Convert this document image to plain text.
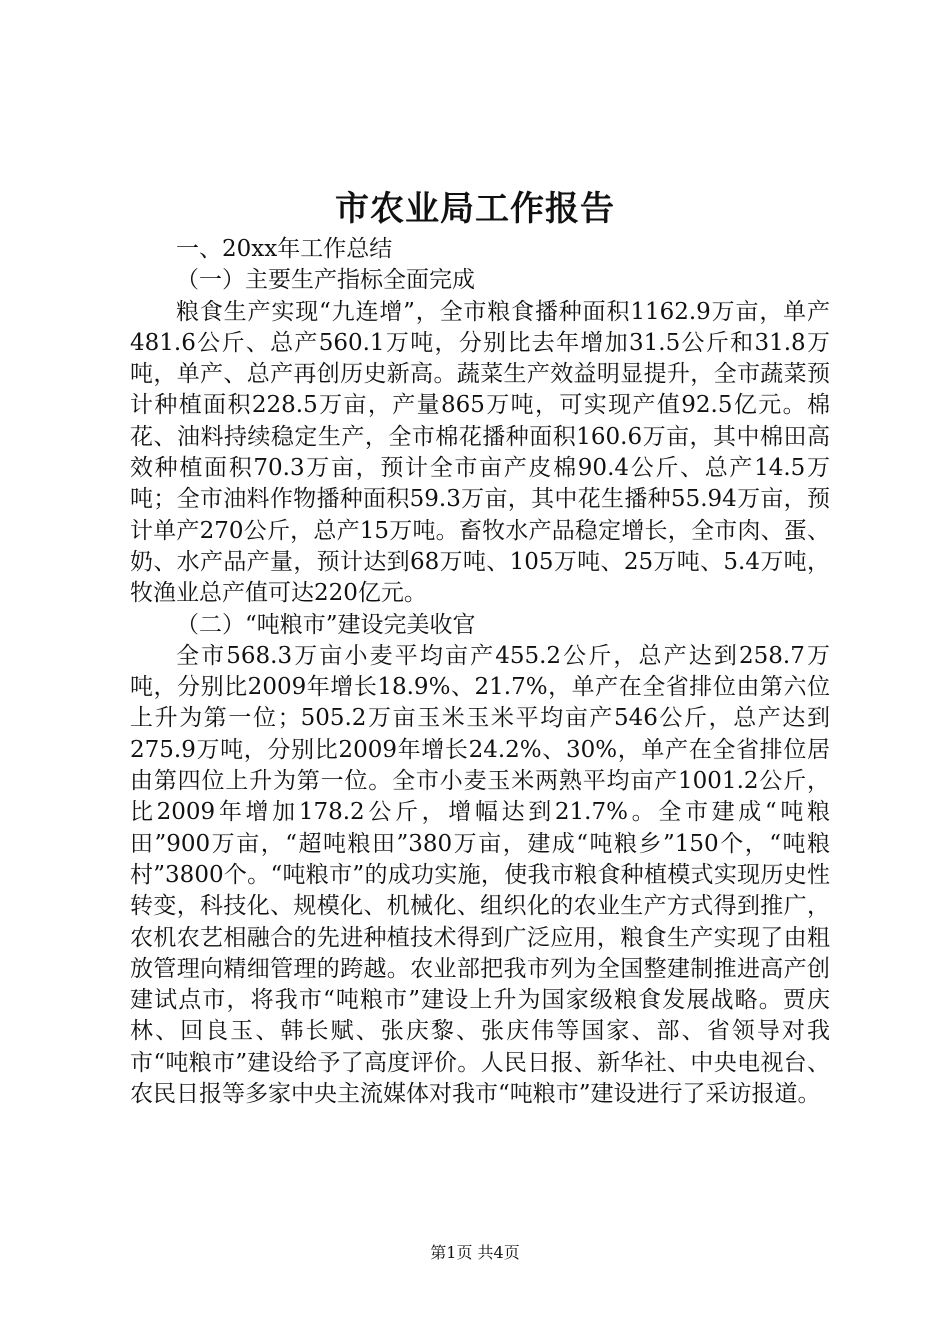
市农业局工作报告

一、20xx年工作总结

（一）主要生产指标全面完成

粮食生产实现“九连增”，全市粮食播种面积1162.9万亩，单产481.6公斤、总产560.1万吨，分别比去年增加31.5公斤和31.8万吨，单产、总产再创历史新高。蔬菜生产效益明显提升，全市蔬菜预计种植面积228.5万亩，产量865万吨，可实现产值92.5亿元。棉花、油料持续稳定生产，全市棉花播种面积160.6万亩，其中棉田高效种植面积70.3万亩，预计全市亩产皮棉90.4公斤、总产14.5万吨；全市油料作物播种面积59.3万亩，其中花生播种55.94万亩，预计单产270公斤，总产15万吨。畜牧水产品稳定增长，全市肉、蛋、奶、水产品产量，预计达到68万吨、105万吨、25万吨、5.4万吨，牧渔业总产值可达220亿元。

（二）“吨粮市”建设完美收官

全市568.3万亩小麦平均亩产455.2公斤，总产达到258.7万吨，分别比2009年增长18.9%、21.7%，单产在全省排位由第六位上升为第一位；505.2万亩玉米玉米平均亩产546公斤，总产达到275.9万吨，分别比2009年增长24.2%、30%，单产在全省排位居由第四位上升为第一位。全市小麦玉米两熟平均亩产1001.2公斤，比2009年增加178.2公斤，增幅达到21.7%。全市建成“吨粮田”900万亩，“超吨粮田”380万亩，建成“吨粮乡”150个，“吨粮村”3800个。“吨粮市”的成功实施，使我市粮食种植模式实现历史性转变，科技化、规模化、机械化、组织化的农业生产方式得到推广，农机农艺相融合的先进种植技术得到广泛应用，粮食生产实现了由粗放管理向精细管理的跨越。农业部把我市列为全国整建制推进高产创建试点市，将我市“吨粮市”建设上升为国家级粮食发展战略。贾庆林、回良玉、韩长赋、张庆黎、张庆伟等国家、部、省领导对我市“吨粮市”建设给予了高度评价。人民日报、新华社、中央电视台、农民日报等多家中央主流媒体对我市“吨粮市”建设进行了采访报道。

第1页 共4页
